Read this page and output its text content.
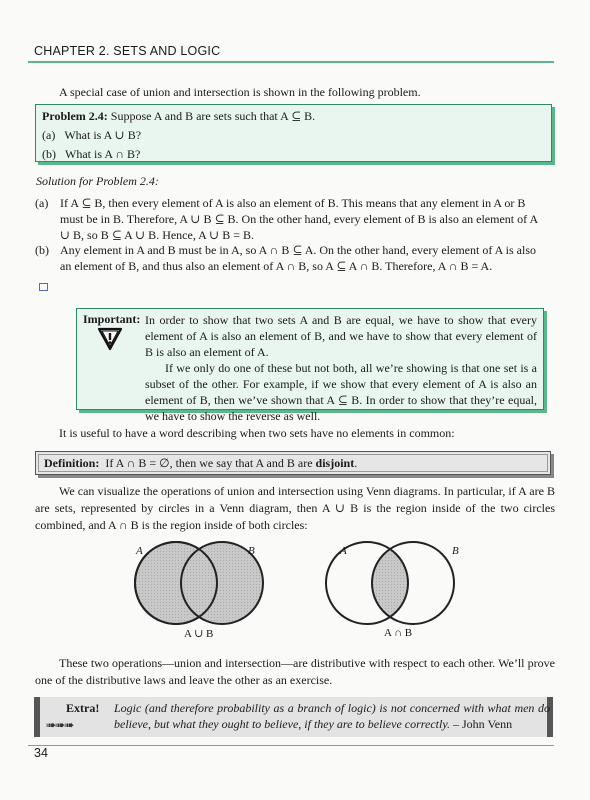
CHAPTER 2. SETS AND LOGIC
A special case of union and intersection is shown in the following problem.
Problem 2.4: Suppose A and B are sets such that A ⊆ B.
(a) What is A ∪ B?
(b) What is A ∩ B?
Solution for Problem 2.4:
(a) If A ⊆ B, then every element of A is also an element of B. This means that any element in A or B must be in B. Therefore, A ∪ B ⊆ B. On the other hand, every element of B is also an element of A ∪ B, so B ⊆ A ∪ B. Hence, A ∪ B = B.
(b) Any element in A and B must be in A, so A ∩ B ⊆ A. On the other hand, every element of A is also an element of B, and thus also an element of A ∩ B, so A ⊆ A ∩ B. Therefore, A ∩ B = A.
Important: In order to show that two sets A and B are equal, we have to show that every element of A is also an element of B, and we have to show that every element of B is also an element of A.
If we only do one of these but not both, all we’re showing is that one set is a subset of the other. For example, if we show that every element of A is also an element of B, then we’ve shown that A ⊆ B. In order to show that they’re equal, we have to show the reverse as well.
It is useful to have a word describing when two sets have no elements in common:
Definition: If A ∩ B = ∅, then we say that A and B are disjoint.
We can visualize the operations of union and intersection using Venn diagrams. In particular, if A are B are sets, represented by circles in a Venn diagram, then A ∪ B is the region inside of the two circles combined, and A ∩ B is the region inside of both circles:
A	B
A ∪ B
A	B
A ∩ B
These two operations—union and intersection—are distributive with respect to each other. We’ll prove one of the distributive laws and leave the other as an exercise.
Extra!
➠➠➠
Logic (and therefore probability as a branch of logic) is not concerned with what men do believe, but what they ought to believe, if they are to believe correctly. – John Venn
34
